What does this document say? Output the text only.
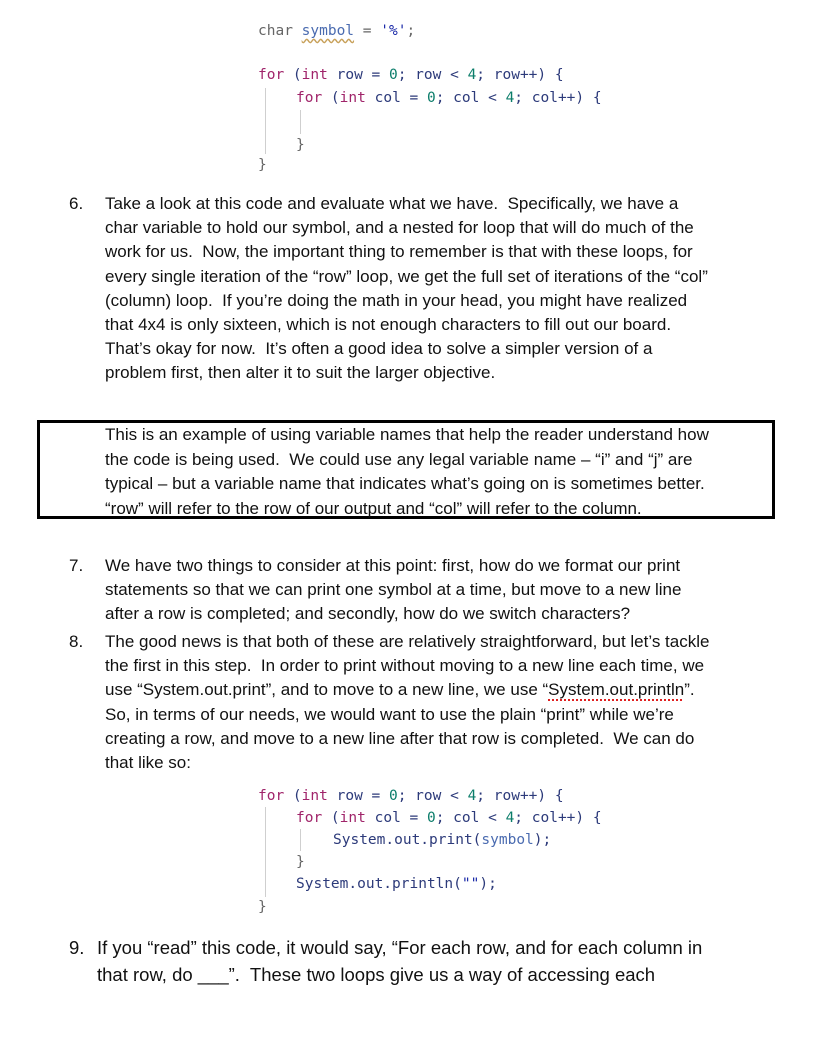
char symbol = '%';

for (int row = 0; row < 4; row++) {

for (int col = 0; col < 4; col++) {

}

}

6.

Take a look at this code and evaluate what we have.  Specifically, we have a

char variable to hold our symbol, and a nested for loop that will do much of the

work for us.  Now, the important thing to remember is that with these loops, for

every single iteration of the “row” loop, we get the full set of iterations of the “col”

(column) loop.  If you’re doing the math in your head, you might have realized

that 4x4 is only sixteen, which is not enough characters to fill out our board.

That’s okay for now.  It’s often a good idea to solve a simpler version of a

problem first, then alter it to suit the larger objective.

This is an example of using variable names that help the reader understand how

the code is being used.  We could use any legal variable name – “i” and “j” are

typical – but a variable name that indicates what’s going on is sometimes better.

“row” will refer to the row of our output and “col” will refer to the column.

7.

We have two things to consider at this point: first, how do we format our print

statements so that we can print one symbol at a time, but move to a new line

after a row is completed; and secondly, how do we switch characters?

8.

The good news is that both of these are relatively straightforward, but let’s tackle

the first in this step.  In order to print without moving to a new line each time, we

use “System.out.print”, and to move to a new line, we use “System.out.println”.

So, in terms of our needs, we would want to use the plain “print” while we’re

creating a row, and move to a new line after that row is completed.  We can do

that like so:

for (int row = 0; row < 4; row++) {

for (int col = 0; col < 4; col++) {

System.out.print(symbol);

}

System.out.println("");

}

9.

If you “read” this code, it would say, “For each row, and for each column in

that row, do ___”.  These two loops give us a way of accessing each
